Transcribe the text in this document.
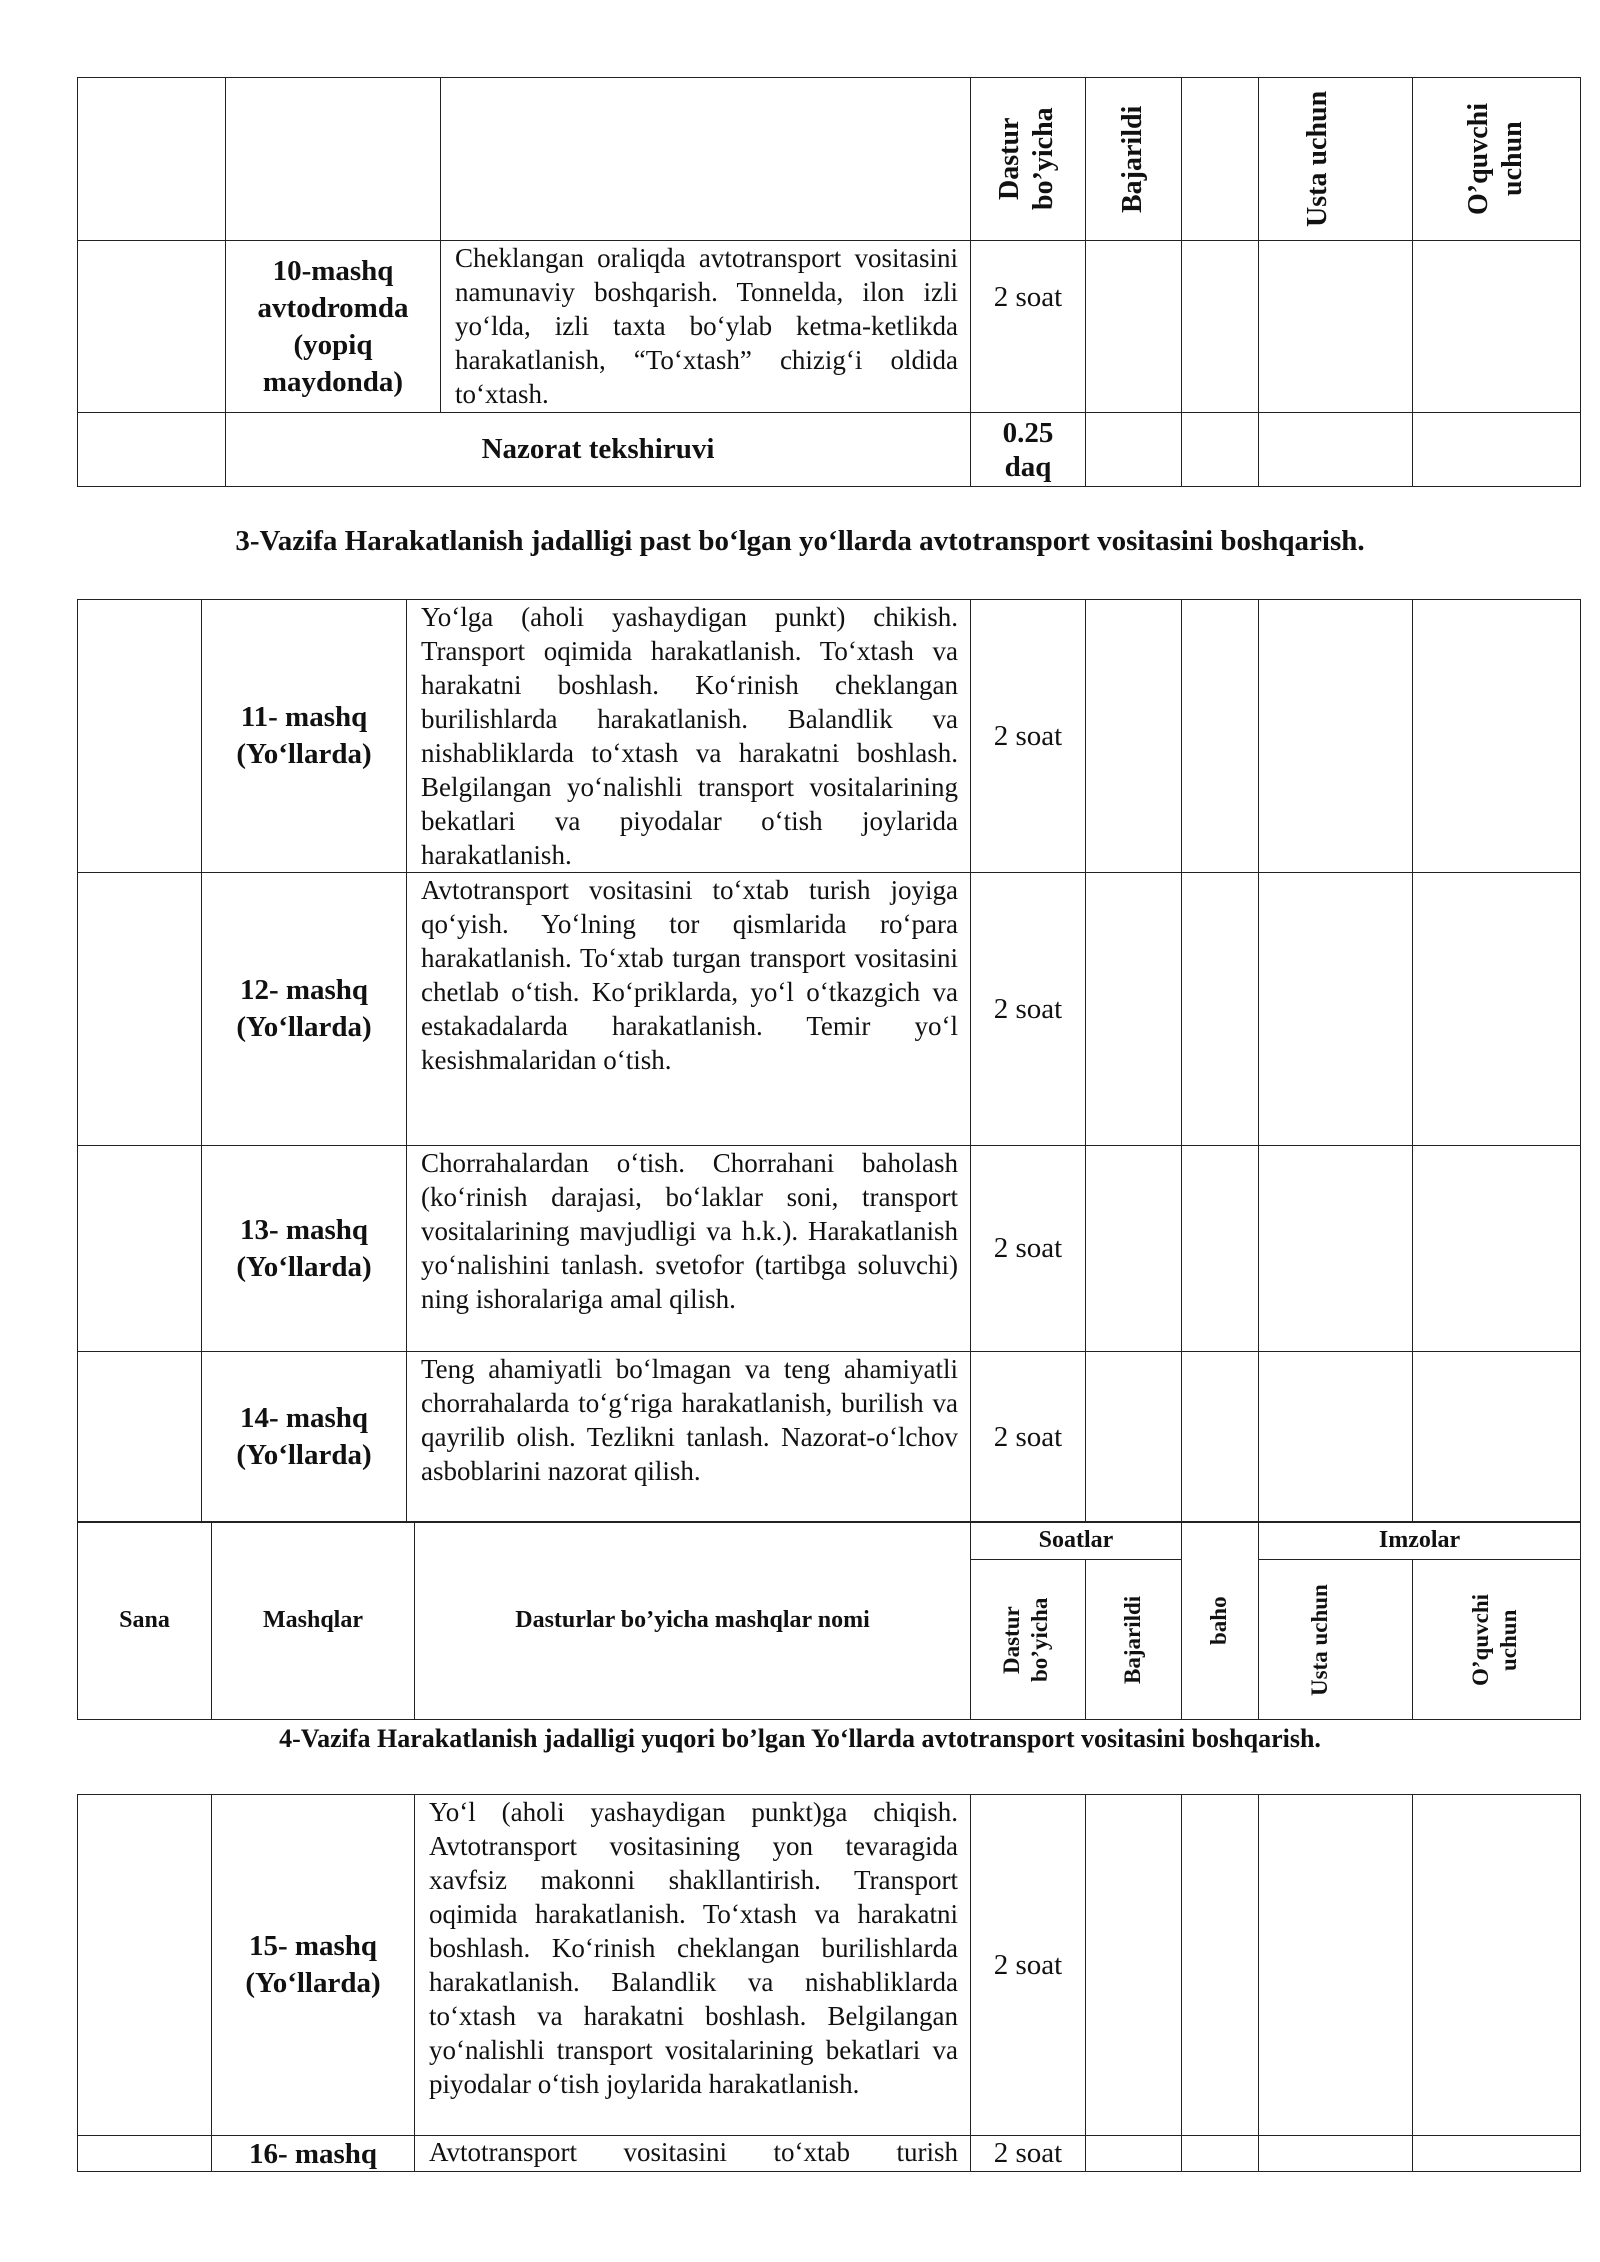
			Dastur bo’yicha	Bajarildi		Usta uchun	O’quvchi uchun

	10-mashq avtodromda (yopiq maydonda)	Cheklangan oraliqda avtotransport vositasini namunaviy boshqarish. Tonnelda, ilon izli yo‘lda, izli taxta bo‘ylab ketma-ketlikda harakatlanish, “To‘xtash” chizig‘i oldida to‘xtash.	2 soat				
	Nazorat tekshiruvi		0.25 daq				
3-Vazifa Harakatlanish jadalligi past bo‘lgan yo‘llarda avtotransport vositasini boshqarish.
	11- mashq (Yo‘llarda)	Yo‘lga (aholi yashaydigan punkt) chikish. Transport oqimida harakatlanish. To‘xtash va harakatni boshlash. Ko‘rinish cheklangan burilishlarda harakatlanish. Balandlik va nishabliklarda to‘xtash va harakatni boshlash. Belgilangan yo‘nalishli transport vositalarining bekatlari va piyodalar o‘tish joylarida harakatlanish.	2 soat				
	12- mashq (Yo‘llarda)	Avtotransport vositasini to‘xtab turish joyiga qo‘yish. Yo‘lning tor qismlarida ro‘para harakatlanish. To‘xtab turgan transport vositasini chetlab o‘tish. Ko‘priklarda, yo‘l o‘tkazgich va estakadalarda harakatlanish. Temir yo‘l kesishmalaridan o‘tish.	2 soat				
	13- mashq (Yo‘llarda)	Chorrahalardan o‘tish. Chorrahani baholash (ko‘rinish darajasi, bo‘laklar soni, transport vositalarining mavjudligi va h.k.). Harakatlanish yo‘nalishini tanlash. svetofor (tartibga soluvchi) ning ishoralariga amal qilish.	2 soat				
	14- mashq (Yo‘llarda)	Teng ahamiyatli bo‘lmagan va teng ahamiyatli chorrahalarda to‘g‘riga harakatlanish, burilish va qayrilib olish. Tezlikni tanlash. Nazorat-o‘lchov asboblarini nazorat qilish.	2 soat				
Sana	Mashqlar	Dasturlar bo’yicha mashqlar nomi	Soatlar		baho	Imzolar	

			Dastur bo’yicha	Bajarildi		Usta uchun	O’quvchi uchun
4-Vazifa Harakatlanish jadalligi yuqori bo’lgan Yo‘llarda avtotransport vositasini boshqarish.
	15- mashq (Yo‘llarda)	Yo‘l (aholi yashaydigan punkt)ga chiqish. Avtotransport vositasining yon tevaragida xavfsiz makonni shakllantirish. Transport oqimida harakatlanish. To‘xtash va harakatni boshlash. Ko‘rinish cheklangan burilishlarda harakatlanish. Balandlik va nishabliklarda to‘xtash va harakatni boshlash. Belgilangan yo‘nalishli transport vositalarining bekatlari va piyodalar o‘tish joylarida harakatlanish.	2 soat				
	16- mashq	Avtotransport vositasini to‘xtab turish	2 soat				
